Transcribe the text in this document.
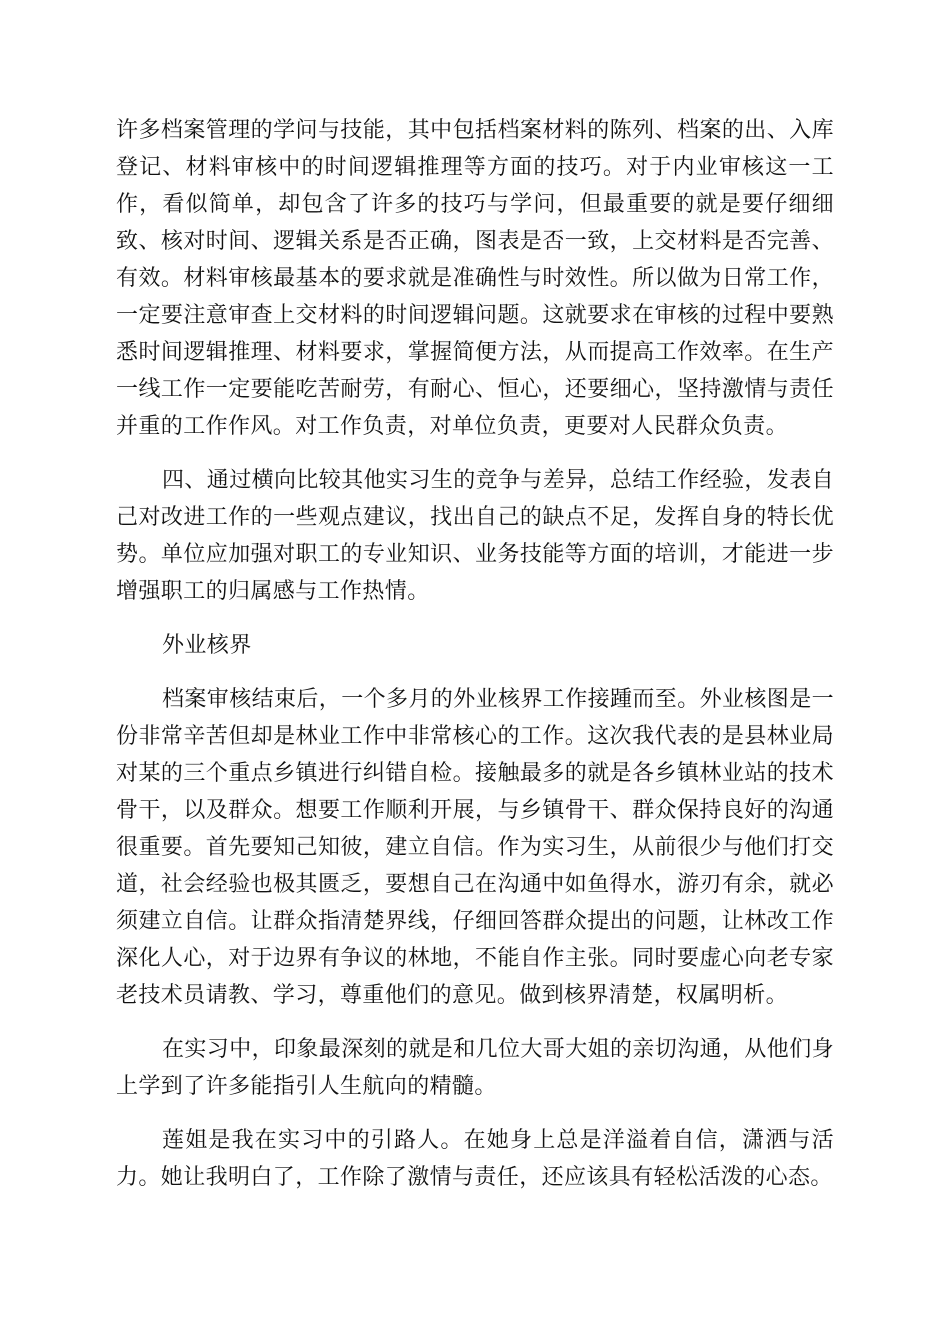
许多档案管理的学问与技能，其中包括档案材料的陈列、档案的出、入库登记、材料审核中的时间逻辑推理等方面的技巧。对于内业审核这一工作，看似简单，却包含了许多的技巧与学问，但最重要的就是要仔细细致、核对时间、逻辑关系是否正确，图表是否一致，上交材料是否完善、有效。材料审核最基本的要求就是准确性与时效性。所以做为日常工作，一定要注意审查上交材料的时间逻辑问题。这就要求在审核的过程中要熟悉时间逻辑推理、材料要求，掌握简便方法，从而提高工作效率。在生产一线工作一定要能吃苦耐劳，有耐心、恒心，还要细心，坚持激情与责任并重的工作作风。对工作负责，对单位负责，更要对人民群众负责。

四、通过横向比较其他实习生的竞争与差异，总结工作经验，发表自己对改进工作的一些观点建议，找出自己的缺点不足，发挥自身的特长优势。单位应加强对职工的专业知识、业务技能等方面的培训，才能进一步增强职工的归属感与工作热情。

外业核界

档案审核结束后，一个多月的外业核界工作接踵而至。外业核图是一份非常辛苦但却是林业工作中非常核心的工作。这次我代表的是县林业局对某的三个重点乡镇进行纠错自检。接触最多的就是各乡镇林业站的技术骨干，以及群众。想要工作顺利开展，与乡镇骨干、群众保持良好的沟通很重要。首先要知己知彼，建立自信。作为实习生，从前很少与他们打交道，社会经验也极其匮乏，要想自己在沟通中如鱼得水，游刃有余，就必须建立自信。让群众指清楚界线，仔细回答群众提出的问题，让林改工作深化人心，对于边界有争议的林地，不能自作主张。同时要虚心向老专家老技术员请教、学习，尊重他们的意见。做到核界清楚，权属明析。

在实习中，印象最深刻的就是和几位大哥大姐的亲切沟通，从他们身上学到了许多能指引人生航向的精髓。

莲姐是我在实习中的引路人。在她身上总是洋溢着自信，潇洒与活力。她让我明白了，工作除了激情与责任，还应该具有轻松活泼的心态。
